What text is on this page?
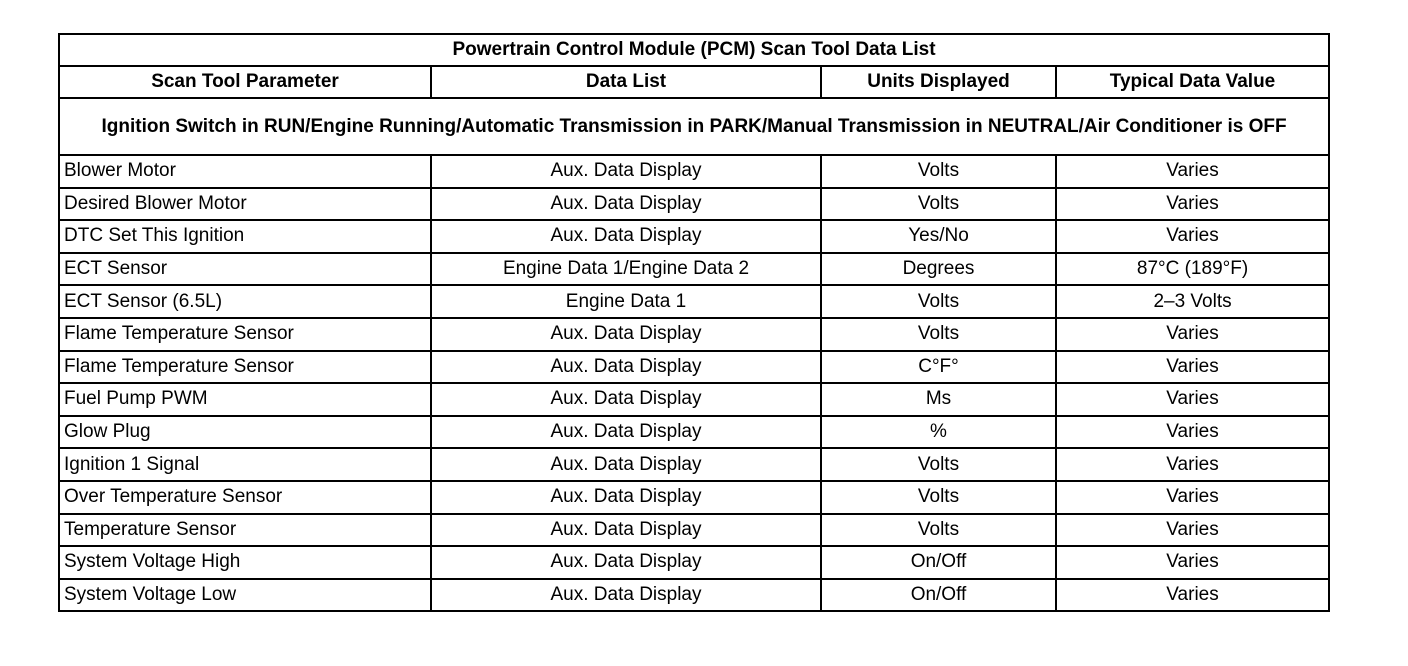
Powertrain Control Module (PCM) Scan Tool Data List			
Scan Tool Parameter	Data List	Units Displayed	Typical Data Value
Ignition Switch in RUN/Engine Running/Automatic Transmission in PARK/Manual Transmission in NEUTRAL/Air Conditioner is OFF			
Blower Motor	Aux. Data Display	Volts	Varies
Desired Blower Motor	Aux. Data Display	Volts	Varies
DTC Set This Ignition	Aux. Data Display	Yes/No	Varies
ECT Sensor	Engine Data 1/Engine Data 2	Degrees	87°C (189°F)
ECT Sensor (6.5L)	Engine Data 1	Volts	2–3 Volts
Flame Temperature Sensor	Aux. Data Display	Volts	Varies
Flame Temperature Sensor	Aux. Data Display	C°F°	Varies
Fuel Pump PWM	Aux. Data Display	Ms	Varies
Glow Plug	Aux. Data Display	%	Varies
Ignition 1 Signal	Aux. Data Display	Volts	Varies
Over Temperature Sensor	Aux. Data Display	Volts	Varies
Temperature Sensor	Aux. Data Display	Volts	Varies
System Voltage High	Aux. Data Display	On/Off	Varies
System Voltage Low	Aux. Data Display	On/Off	Varies
